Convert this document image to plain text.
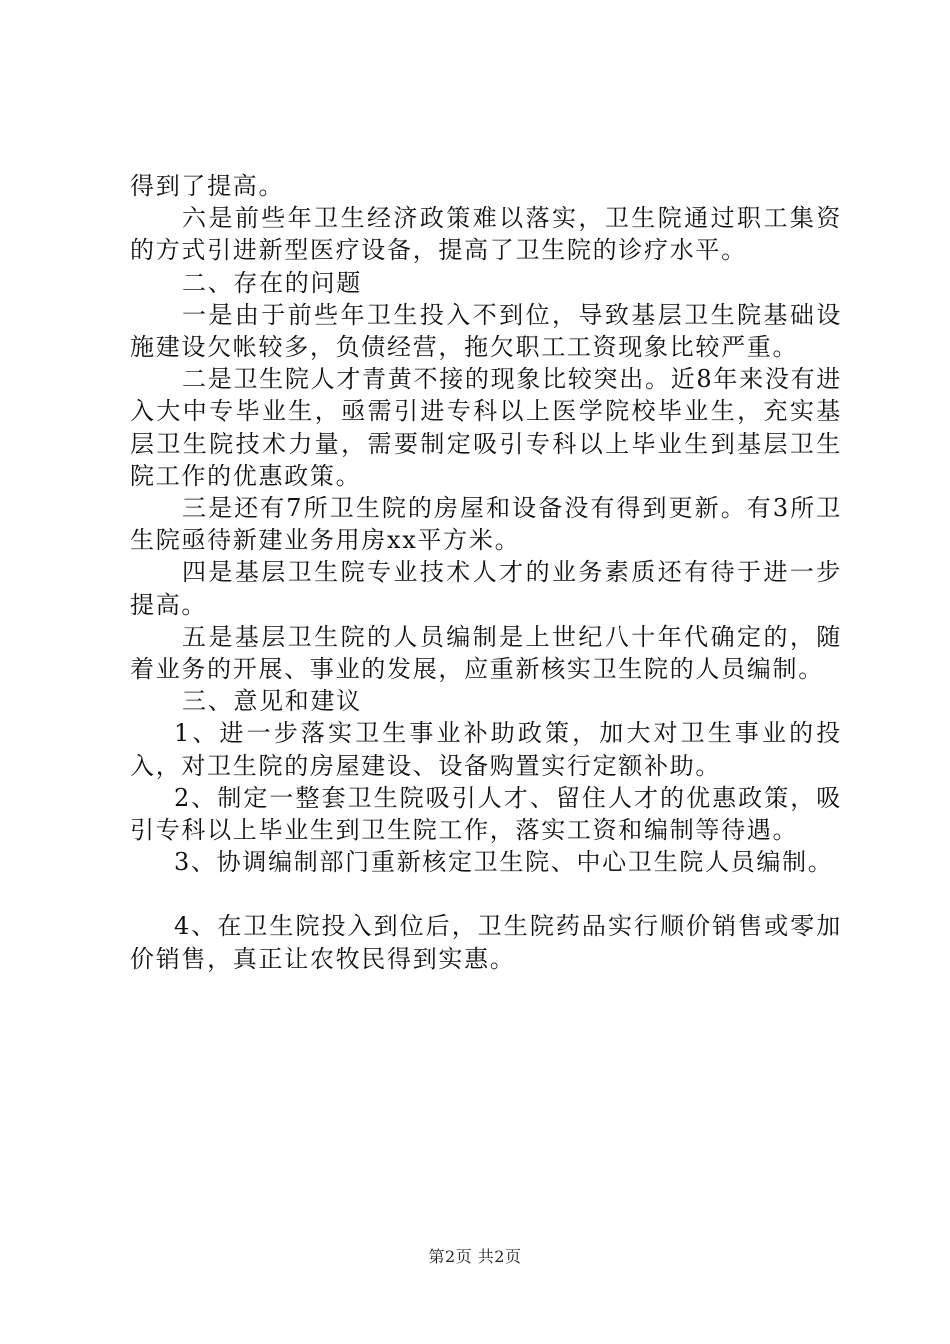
得到了提高。

六是前些年卫生经济政策难以落实，卫生院通过职工集资的方式引进新型医疗设备，提高了卫生院的诊疗水平。

二、存在的问题

一是由于前些年卫生投入不到位，导致基层卫生院基础设施建设欠帐较多，负债经营，拖欠职工工资现象比较严重。

二是卫生院人才青黄不接的现象比较突出。近8年来没有进入大中专毕业生，亟需引进专科以上医学院校毕业生，充实基层卫生院技术力量，需要制定吸引专科以上毕业生到基层卫生院工作的优惠政策。

三是还有7所卫生院的房屋和设备没有得到更新。有3所卫生院亟待新建业务用房xx平方米。

四是基层卫生院专业技术人才的业务素质还有待于进一步提高。

五是基层卫生院的人员编制是上世纪八十年代确定的，随着业务的开展、事业的发展，应重新核实卫生院的人员编制。

三、意见和建议

1、进一步落实卫生事业补助政策，加大对卫生事业的投入，对卫生院的房屋建设、设备购置实行定额补助。

2、制定一整套卫生院吸引人才、留住人才的优惠政策，吸引专科以上毕业生到卫生院工作，落实工资和编制等待遇。

3、协调编制部门重新核定卫生院、中心卫生院人员编制。

4、在卫生院投入到位后，卫生院药品实行顺价销售或零加价销售，真正让农牧民得到实惠。

第2页 共2页
